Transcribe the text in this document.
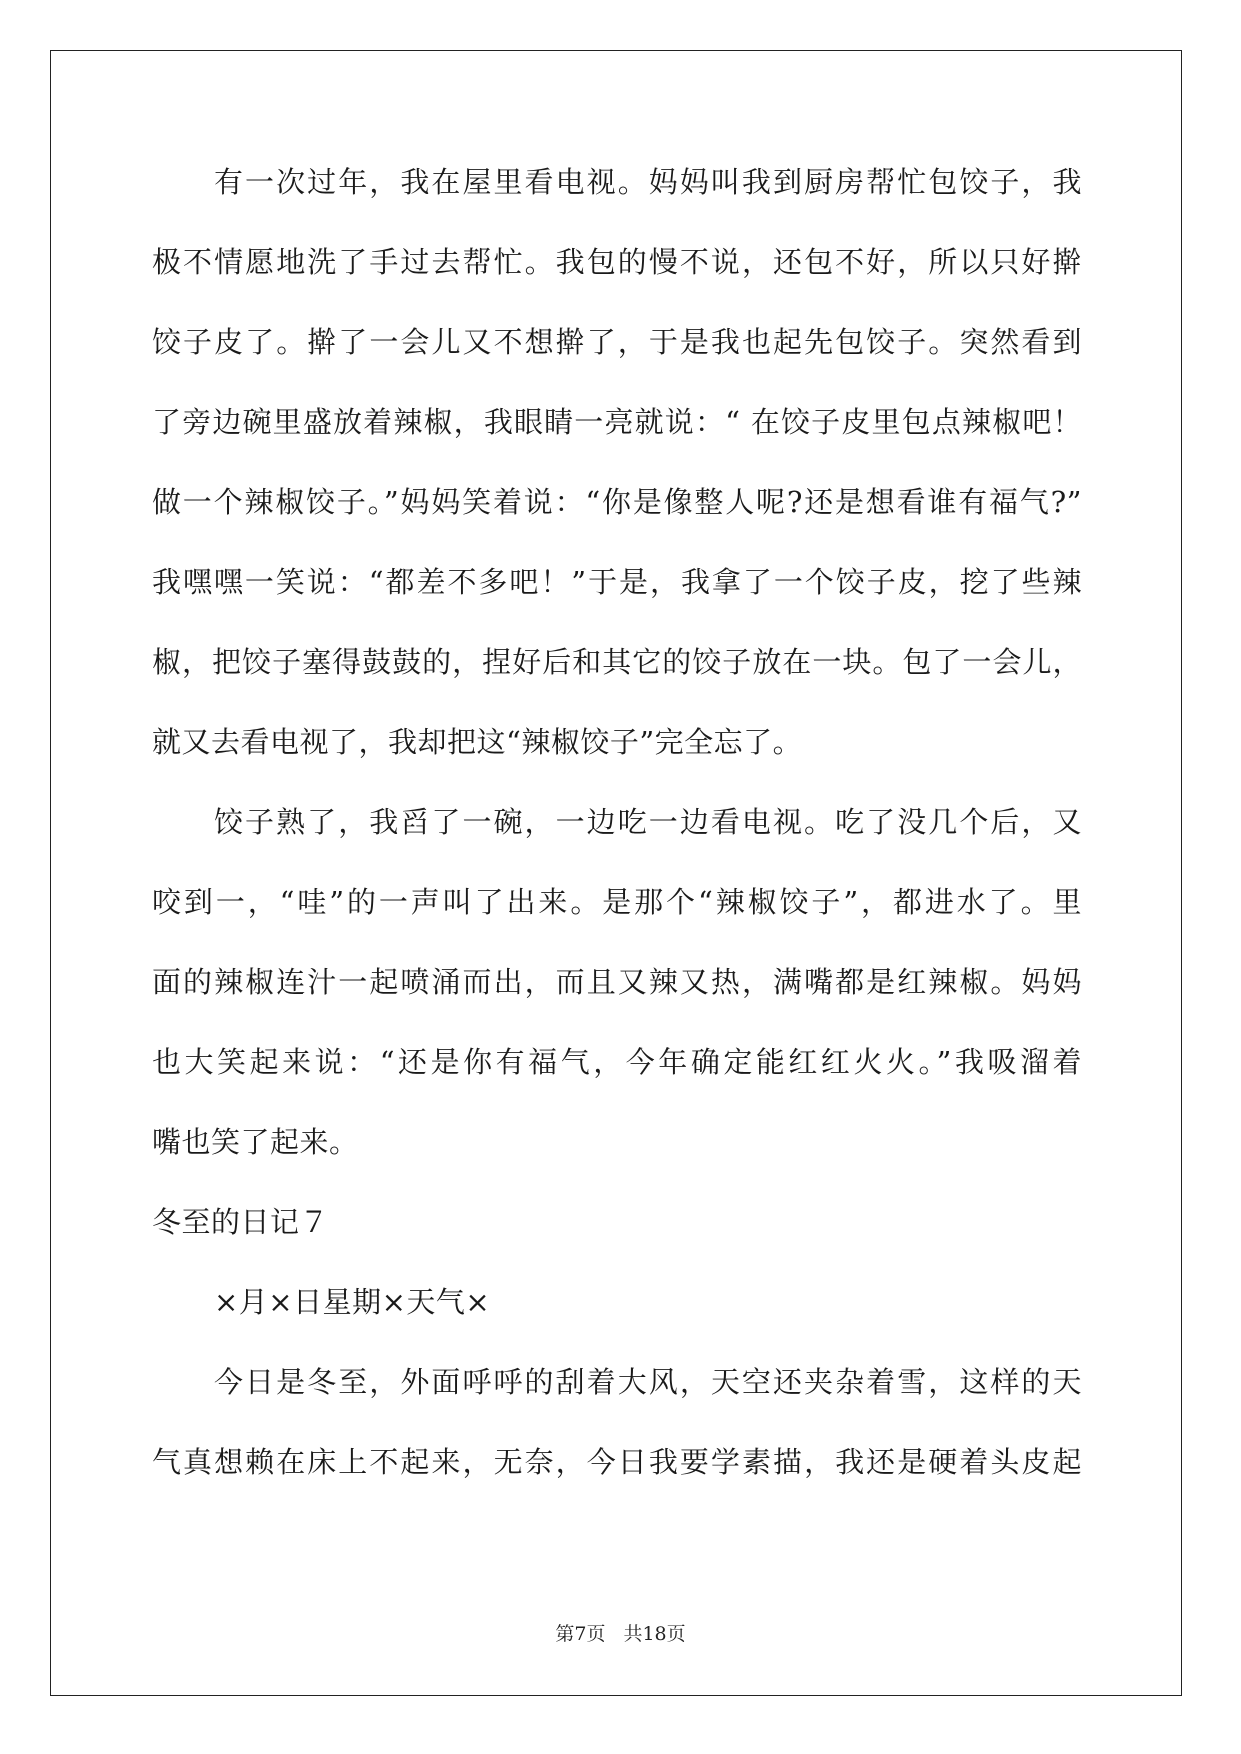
有一次过年，我在屋里看电视。妈妈叫我到厨房帮忙包饺子，我
极不情愿地洗了手过去帮忙。我包的慢不说，还包不好，所以只好擀
饺子皮了。擀了一会儿又不想擀了，于是我也起先包饺子。突然看到
了旁边碗里盛放着辣椒，我眼睛一亮就说：“ 在饺子皮里包点辣椒吧！
做一个辣椒饺子。”妈妈笑着说：“你是像整人呢?还是想看谁有福气?”
我嘿嘿一笑说：“都差不多吧！”于是，我拿了一个饺子皮，挖了些辣
椒，把饺子塞得鼓鼓的，捏好后和其它的饺子放在一块。包了一会儿，
就又去看电视了，我却把这“辣椒饺子”完全忘了。
饺子熟了，我舀了一碗，一边吃一边看电视。吃了没几个后，又
咬到一，“哇”的一声叫了出来。是那个“辣椒饺子”，都进水了。里
面的辣椒连汁一起喷涌而出，而且又辣又热，满嘴都是红辣椒。妈妈
也大笑起来说：“还是你有福气，今年确定能红红火火。”我吸溜着
嘴也笑了起来。
冬至的日记７
×月×日星期×天气×
今日是冬至，外面呼呼的刮着大风，天空还夹杂着雪，这样的天
气真想赖在床上不起来，无奈，今日我要学素描，我还是硬着头皮起
第7页 共18页
